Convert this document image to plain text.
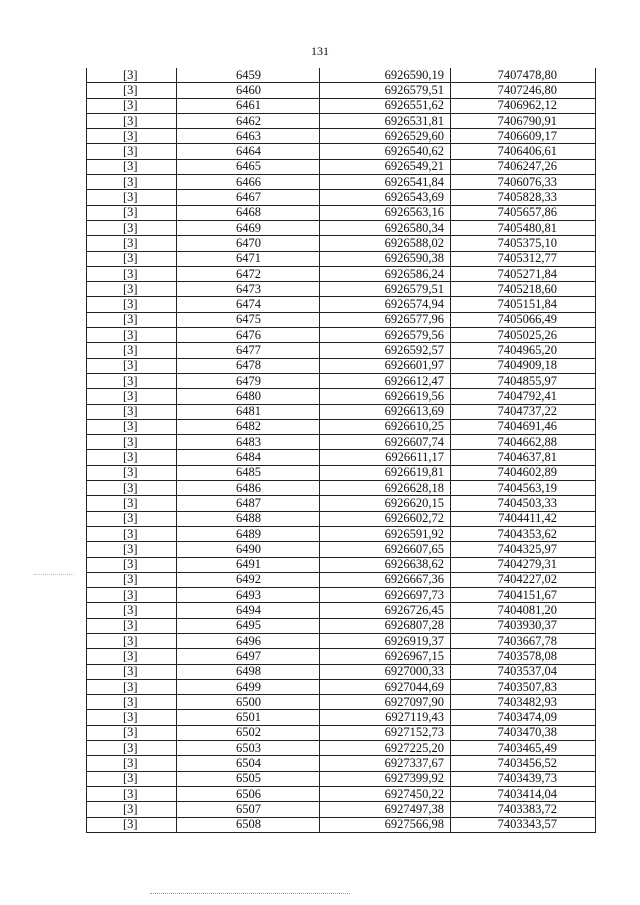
131
[3]	6459	6926590,19	7407478,80
[3]	6460	6926579,51	7407246,80
[3]	6461	6926551,62	7406962,12
[3]	6462	6926531,81	7406790,91
[3]	6463	6926529,60	7406609,17
[3]	6464	6926540,62	7406406,61
[3]	6465	6926549,21	7406247,26
[3]	6466	6926541,84	7406076,33
[3]	6467	6926543,69	7405828,33
[3]	6468	6926563,16	7405657,86
[3]	6469	6926580,34	7405480,81
[3]	6470	6926588,02	7405375,10
[3]	6471	6926590,38	7405312,77
[3]	6472	6926586,24	7405271,84
[3]	6473	6926579,51	7405218,60
[3]	6474	6926574,94	7405151,84
[3]	6475	6926577,96	7405066,49
[3]	6476	6926579,56	7405025,26
[3]	6477	6926592,57	7404965,20
[3]	6478	6926601,97	7404909,18
[3]	6479	6926612,47	7404855,97
[3]	6480	6926619,56	7404792,41
[3]	6481	6926613,69	7404737,22
[3]	6482	6926610,25	7404691,46
[3]	6483	6926607,74	7404662,88
[3]	6484	6926611,17	7404637,81
[3]	6485	6926619,81	7404602,89
[3]	6486	6926628,18	7404563,19
[3]	6487	6926620,15	7404503,33
[3]	6488	6926602,72	7404411,42
[3]	6489	6926591,92	7404353,62
[3]	6490	6926607,65	7404325,97
[3]	6491	6926638,62	7404279,31
[3]	6492	6926667,36	7404227,02
[3]	6493	6926697,73	7404151,67
[3]	6494	6926726,45	7404081,20
[3]	6495	6926807,28	7403930,37
[3]	6496	6926919,37	7403667,78
[3]	6497	6926967,15	7403578,08
[3]	6498	6927000,33	7403537,04
[3]	6499	6927044,69	7403507,83
[3]	6500	6927097,90	7403482,93
[3]	6501	6927119,43	7403474,09
[3]	6502	6927152,73	7403470,38
[3]	6503	6927225,20	7403465,49
[3]	6504	6927337,67	7403456,52
[3]	6505	6927399,92	7403439,73
[3]	6506	6927450,22	7403414,04
[3]	6507	6927497,38	7403383,72
[3]	6508	6927566,98	7403343,57
